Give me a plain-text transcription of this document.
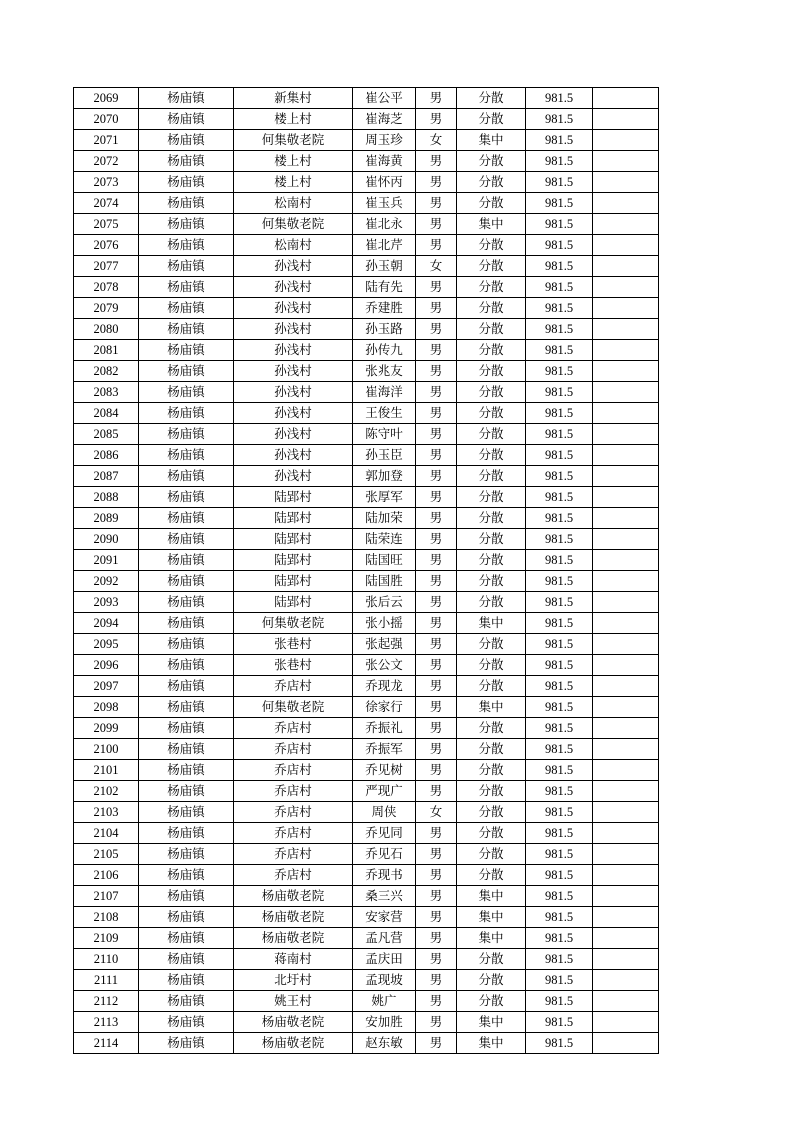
2069	杨庙镇	新集村	崔公平	男	分散	981.5	
2070	杨庙镇	楼上村	崔海芝	男	分散	981.5	
2071	杨庙镇	何集敬老院	周玉珍	女	集中	981.5	
2072	杨庙镇	楼上村	崔海黄	男	分散	981.5	
2073	杨庙镇	楼上村	崔怀丙	男	分散	981.5	
2074	杨庙镇	松南村	崔玉兵	男	分散	981.5	
2075	杨庙镇	何集敬老院	崔北永	男	集中	981.5	
2076	杨庙镇	松南村	崔北芹	男	分散	981.5	
2077	杨庙镇	孙浅村	孙玉朝	女	分散	981.5	
2078	杨庙镇	孙浅村	陆有先	男	分散	981.5	
2079	杨庙镇	孙浅村	乔建胜	男	分散	981.5	
2080	杨庙镇	孙浅村	孙玉路	男	分散	981.5	
2081	杨庙镇	孙浅村	孙传九	男	分散	981.5	
2082	杨庙镇	孙浅村	张兆友	男	分散	981.5	
2083	杨庙镇	孙浅村	崔海洋	男	分散	981.5	
2084	杨庙镇	孙浅村	王俊生	男	分散	981.5	
2085	杨庙镇	孙浅村	陈守叶	男	分散	981.5	
2086	杨庙镇	孙浅村	孙玉臣	男	分散	981.5	
2087	杨庙镇	孙浅村	郭加登	男	分散	981.5	
2088	杨庙镇	陆郢村	张厚军	男	分散	981.5	
2089	杨庙镇	陆郢村	陆加荣	男	分散	981.5	
2090	杨庙镇	陆郢村	陆荣连	男	分散	981.5	
2091	杨庙镇	陆郢村	陆国旺	男	分散	981.5	
2092	杨庙镇	陆郢村	陆国胜	男	分散	981.5	
2093	杨庙镇	陆郢村	张后云	男	分散	981.5	
2094	杨庙镇	何集敬老院	张小摇	男	集中	981.5	
2095	杨庙镇	张巷村	张起强	男	分散	981.5	
2096	杨庙镇	张巷村	张公文	男	分散	981.5	
2097	杨庙镇	乔店村	乔现龙	男	分散	981.5	
2098	杨庙镇	何集敬老院	徐家行	男	集中	981.5	
2099	杨庙镇	乔店村	乔振礼	男	分散	981.5	
2100	杨庙镇	乔店村	乔振军	男	分散	981.5	
2101	杨庙镇	乔店村	乔见树	男	分散	981.5	
2102	杨庙镇	乔店村	严现广	男	分散	981.5	
2103	杨庙镇	乔店村	周侠	女	分散	981.5	
2104	杨庙镇	乔店村	乔见同	男	分散	981.5	
2105	杨庙镇	乔店村	乔见石	男	分散	981.5	
2106	杨庙镇	乔店村	乔现书	男	分散	981.5	
2107	杨庙镇	杨庙敬老院	桑三兴	男	集中	981.5	
2108	杨庙镇	杨庙敬老院	安家营	男	集中	981.5	
2109	杨庙镇	杨庙敬老院	孟凡营	男	集中	981.5	
2110	杨庙镇	蒋南村	孟庆田	男	分散	981.5	
2111	杨庙镇	北圩村	孟现坡	男	分散	981.5	
2112	杨庙镇	姚王村	姚广	男	分散	981.5	
2113	杨庙镇	杨庙敬老院	安加胜	男	集中	981.5	
2114	杨庙镇	杨庙敬老院	赵东敏	男	集中	981.5	
